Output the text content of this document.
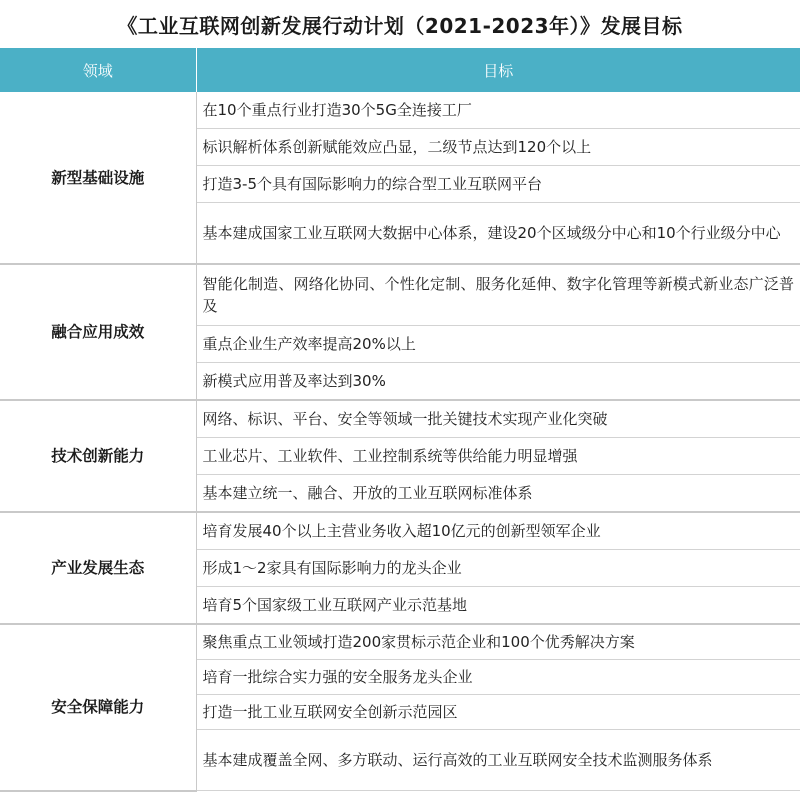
《工业互联网创新发展行动计划（2021-2023年）》发展目标
领域	目标
新型基础设施	在10个重点行业打造30个5G全连接工厂
	标识解析体系创新赋能效应凸显，二级节点达到120个以上
	打造3-5个具有国际影响力的综合型工业互联网平台
	基本建成国家工业互联网大数据中心体系，建设20个区域级分中心和10个行业级分中心
融合应用成效	智能化制造、网络化协同、个性化定制、服务化延伸、数字化管理等新模式新业态广泛普及
	重点企业生产效率提高20%以上
	新模式应用普及率达到30%
技术创新能力	网络、标识、平台、安全等领域一批关键技术实现产业化突破
	工业芯片、工业软件、工业控制系统等供给能力明显增强
	基本建立统一、融合、开放的工业互联网标准体系
产业发展生态	培育发展40个以上主营业务收入超10亿元的创新型领军企业
	形成1～2家具有国际影响力的龙头企业
	培育5个国家级工业互联网产业示范基地
安全保障能力	聚焦重点工业领域打造200家贯标示范企业和100个优秀解决方案
	培育一批综合实力强的安全服务龙头企业
	打造一批工业互联网安全创新示范园区
	基本建成覆盖全网、多方联动、运行高效的工业互联网安全技术监测服务体系
